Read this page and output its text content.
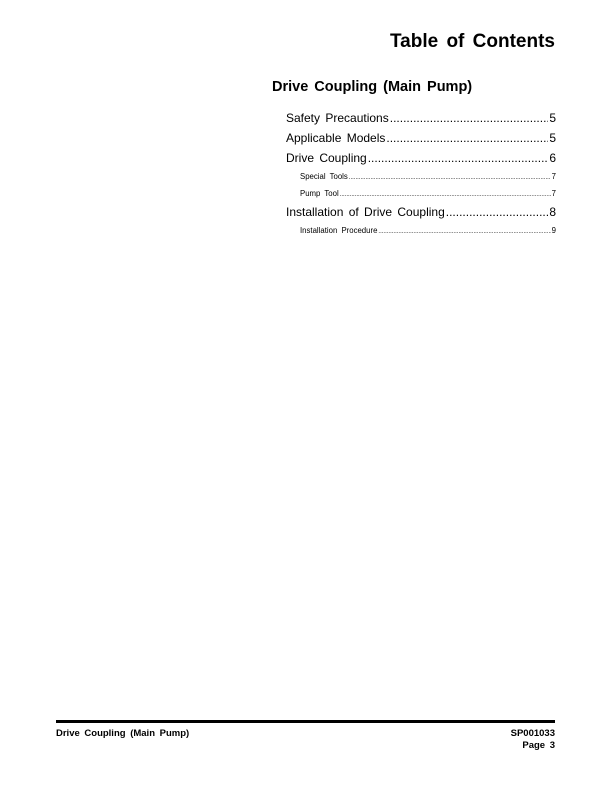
Table of Contents
Drive Coupling (Main Pump)
Safety Precautions .....	5
Applicable Models .....	5
Drive Coupling .....	6
Special Tools .....	7
Pump Tool .....	7
Installation of Drive Coupling .....	8
Installation Procedure .....	9
Drive Coupling (Main Pump)	SP001033
Page 3
